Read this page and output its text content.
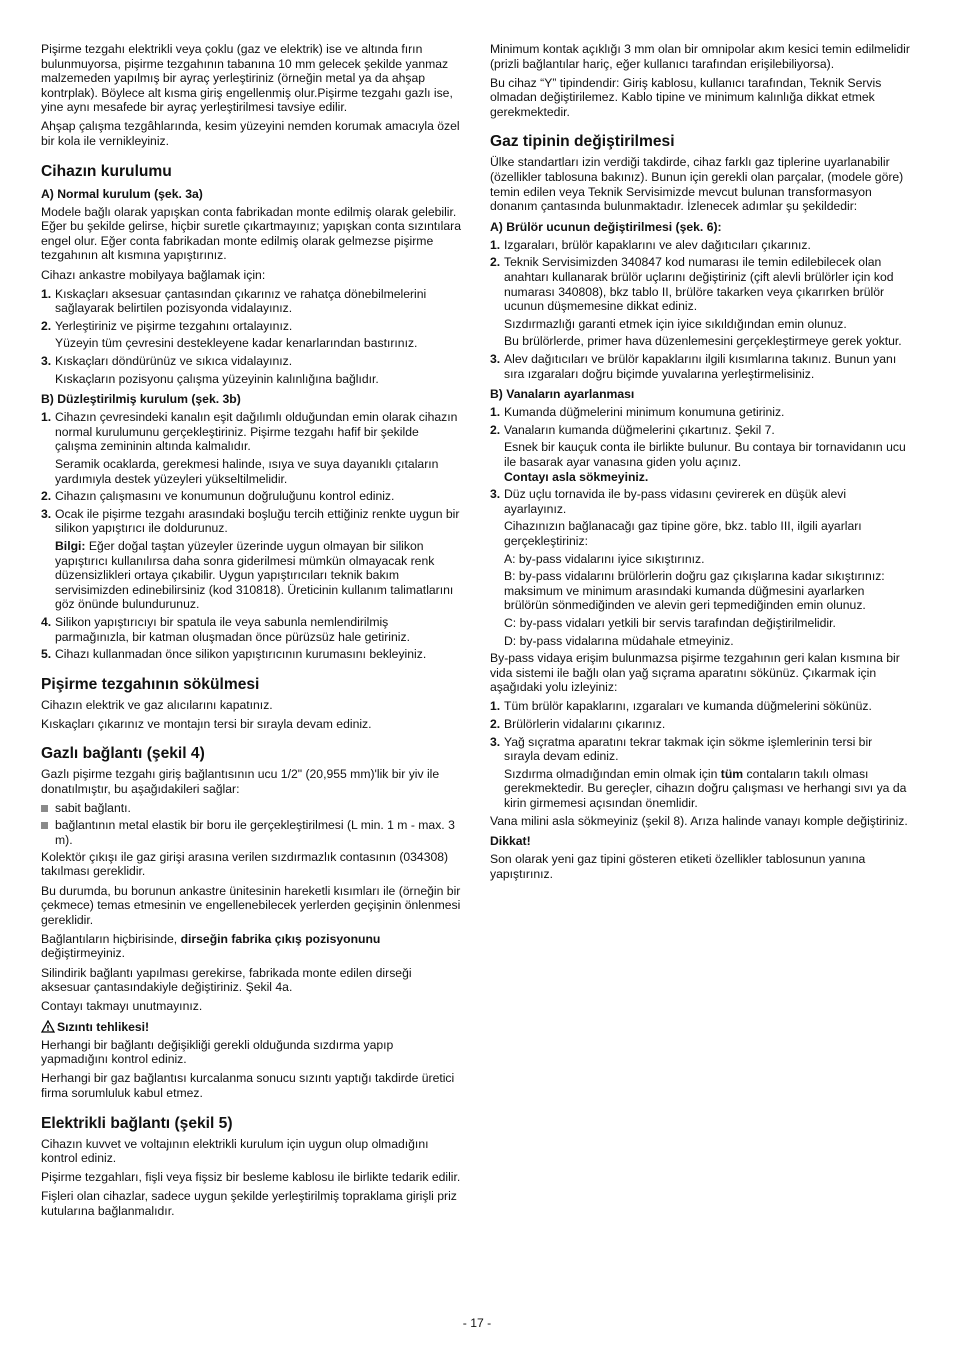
Pişirme tezgahı elektrikli veya çoklu (gaz ve elektrik) ise ve altında fırın bulunmuyorsa, pişirme tezgahının tabanına 10 mm gelecek şekilde yanmaz malzemeden yapılmış bir ayraç yerleştiriniz (örneğin metal ya da ahşap kontrplak). Böylece alt kısma giriş engellenmiş olur.Pişirme tezgahı gazlı ise, yine aynı mesafede bir ayraç yerleştirilmesi tavsiye edilir.

Ahşap çalışma tezgâhlarında, kesim yüzeyini nemden korumak amacıyla özel bir kola ile vernikleyiniz.

Cihazın kurulumu
A) Normal kurulum (şek. 3a)

Modele bağlı olarak yapışkan conta fabrikadan monte edilmiş olarak gelebilir. Eğer bu şekilde gelirse, hiçbir suretle çıkartmayınız; yapışkan conta sızıntılara engel olur. Eğer conta fabrikadan monte edilmiş olarak gelmezse pişirme tezgahının alt kısmına yapıştırınız.

Cihazı ankastre mobilyaya bağlamak için:

1. Kıskaçları aksesuar çantasından çıkarınız ve rahatça dönebilmelerini sağlayarak belirtilen pozisyonda vidalayınız.

2. Yerleştiriniz ve pişirme tezgahını ortalayınız.

Yüzeyin tüm çevresini destekleyene kadar kenarlarından bastırınız.

3. Kıskaçları döndürünüz ve sıkıca vidalayınız.

Kıskaçların pozisyonu çalışma yüzeyinin kalınlığına bağlıdır.

B) Düzleştirilmiş kurulum (şek. 3b)
1. Cihazın çevresindeki kanalın eşit dağılımlı olduğundan emin olarak cihazın normal kurulumunu gerçekleştiriniz. Pişirme tezgahı hafif bir şekilde çalışma zemininin altında kalmalıdır.

Seramik ocaklarda, gerekmesi halinde, ısıya ve suya dayanıklı çıtaların yardımıyla destek yüzeyleri yükseltilmelidir.

2. Cihazın çalışmasını ve konumunun doğruluğunu kontrol ediniz.

3. Ocak ile pişirme tezgahı arasındaki boşluğu tercih ettiğiniz renkte uygun bir silikon yapıştırıcı ile doldurunuz.

Bilgi: Eğer doğal taştan yüzeyler üzerinde uygun olmayan bir silikon yapıştırıcı kullanılırsa daha sonra giderilmesi mümkün olmayacak renk düzensizlikleri ortaya çıkabilir. Uygun yapıştırıcıları teknik bakım servisimizden edinebilirsiniz (kod 310818). Üreticinin kullanım talimatlarını göz önünde bulundurunuz.

4. Silikon yapıştırıcıyı bir spatula ile veya sabunla nemlendirilmiş parmağınızla, bir katman oluşmadan önce pürüzsüz hale getiriniz.

5. Cihazı kullanmadan önce silikon yapıştırıcının kurumasını bekleyiniz.

Pişirme tezgahının sökülmesi

Cihazın elektrik ve gaz alıcılarını kapatınız.

Kıskaçları çıkarınız ve montajın tersi bir sırayla devam ediniz.

Gazlı bağlantı (şekil 4)

Gazlı pişirme tezgahı giriş bağlantısının ucu 1/2" (20,955 mm)'lik bir yiv ile donatılmıştır, bu aşağıdakileri sağlar:

sabit bağlantı.
bağlantının metal elastik bir boru ile gerçekleştirilmesi (L min. 1 m - max. 3 m).

Kolektör çıkışı ile gaz girişi arasına verilen sızdırmazlık contasının (034308) takılması gereklidir.

Bu durumda, bu borunun ankastre ünitesinin hareketli kısımları ile (örneğin bir çekmece) temas etmesinin ve engellenebilecek yerlerden geçişinin önlenmesi gereklidir.

Bağlantıların hiçbirisinde, dirseğin fabrika çıkış pozisyonunu değiştirmeyiniz.

Silindirik bağlantı yapılması gerekirse, fabrikada monte edilen dirseği aksesuar çantasındakiyle değiştiriniz. Şekil 4a.

Contayı takmayı unutmayınız.

Sızıntı tehlikesi!

Herhangi bir bağlantı değişikliği gerekli olduğunda sızdırma yapıp yapmadığını kontrol ediniz.

Herhangi bir gaz bağlantısı kurcalanma sonucu sızıntı yaptığı takdirde üretici firma sorumluluk kabul etmez.

Elektrikli bağlantı (şekil 5)

Cihazın kuvvet ve voltajının elektrikli kurulum için uygun olup olmadığını kontrol ediniz.

Pişirme tezgahları, fişli veya fişsiz bir besleme kablosu ile birlikte tedarik edilir.

Fişleri olan cihazlar, sadece uygun şekilde yerleştirilmiş topraklama girişli priz kutularına bağlanmalıdır.

Minimum kontak açıklığı 3 mm olan bir omnipolar akım kesici temin edilmelidir (prizli bağlantılar hariç, eğer kullanıcı tarafından erişilebiliyorsa).

Bu cihaz “Y” tipindendir: Giriş kablosu, kullanıcı tarafından, Teknik Servis olmadan değiştirilemez. Kablo tipine ve minimum kalınlığa dikkat etmek gerekmektedir.

Gaz tipinin değiştirilmesi

Ülke standartları izin verdiği takdirde, cihaz farklı gaz tiplerine uyarlanabilir (özellikler tablosuna bakınız). Bunun için gerekli olan parçalar, (modele göre) temin edilen veya Teknik Servisimizde mevcut bulunan transformasyon donanım çantasında bulunmaktadır. İzlenecek adımlar şu şekildedir:

A) Brülör ucunun değiştirilmesi (şek. 6):
1. Izgaraları, brülör kapaklarını ve alev dağıtıcıları çıkarınız.

2. Teknik Servisimizden 340847 kod numarası ile temin edilebilecek olan anahtarı kullanarak brülör uçlarını değiştiriniz (çift alevli brülörler için kod numarası 340808), bkz tablo II, brülöre takarken veya çıkarırken brülör ucunun düşmemesine dikkat ediniz.

Sızdırmazlığı garanti etmek için iyice sıkıldığından emin olunuz.

Bu brülörlerde, primer hava düzenlemesini gerçekleştirmeye gerek yoktur.

3. Alev dağıtıcıları ve brülör kapaklarını ilgili kısımlarına takınız. Bunun yanı sıra ızgaraları doğru biçimde yuvalarına yerleştirmelisiniz.

B) Vanaların ayarlanması
1. Kumanda düğmelerini minimum konumuna getiriniz.

2. Vanaların kumanda düğmelerini çıkartınız. Şekil 7.

Esnek bir kauçuk conta ile birlikte bulunur. Bu contaya bir tornavidanın ucu ile basarak ayar vanasına giden yolu açınız.
Contayı asla sökmeyiniz.

3. Düz uçlu tornavida ile by-pass vidasını çevirerek en düşük alevi ayarlayınız.

Cihazınızın bağlanacağı gaz tipine göre, bkz. tablo III, ilgili ayarları gerçekleştiriniz:

A: by-pass vidalarını iyice sıkıştırınız.

B: by-pass vidalarını brülörlerin doğru gaz çıkışlarına kadar sıkıştırınız: maksimum ve minimum arasındaki kumanda düğmesini ayarlarken brülörün sönmediğinden ve alevin geri tepmediğinden emin olunuz.

C: by-pass vidaları yetkili bir servis tarafından değiştirilmelidir.

D: by-pass vidalarına müdahale etmeyiniz.

By-pass vidaya erişim bulunmazsa pişirme tezgahının geri kalan kısmına bir vida sistemi ile bağlı olan yağ sıçrama aparatını sökünüz. Çıkarmak için aşağıdaki yolu izleyiniz:

1. Tüm brülör kapaklarını, ızgaraları ve kumanda düğmelerini sökünüz.

2. Brülörlerin vidalarını çıkarınız.

3. Yağ sıçratma aparatını tekrar takmak için sökme işlemlerinin tersi bir sırayla devam ediniz.

Sızdırma olmadığından emin olmak için tüm contaların takılı olması gerekmektedir. Bu gereçler, cihazın doğru çalışması ve herhangi sıvı ya da kirin girmemesi açısından önemlidir.

Vana milini asla sökmeyiniz (şekil 8). Arıza halinde vanayı komple değiştiriniz.

Dikkat!

Son olarak yeni gaz tipini gösteren etiketi özellikler tablosunun yanına yapıştırınız.

- 17 -
